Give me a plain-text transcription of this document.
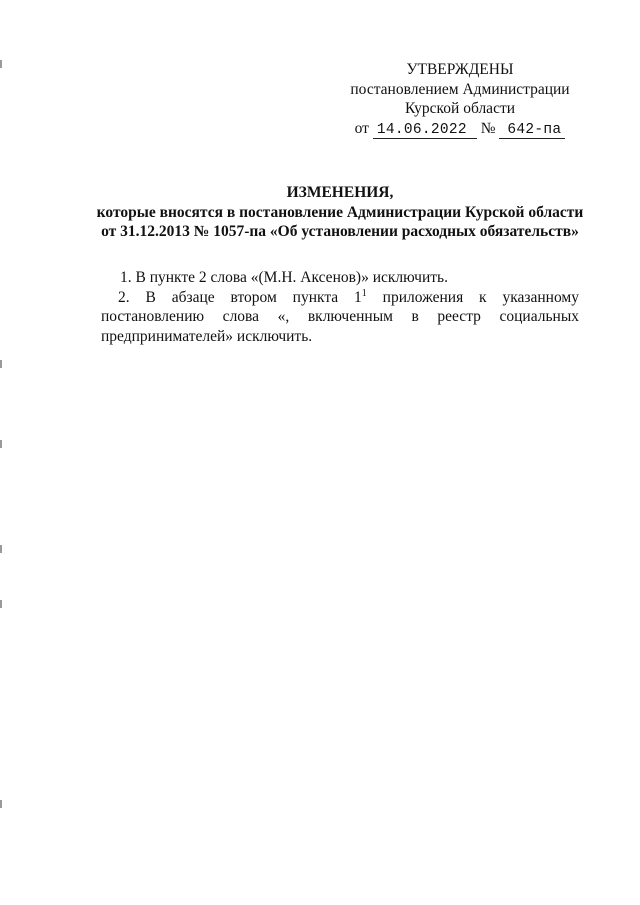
УТВЕРЖДЕНЫ
постановлением Администрации
Курской области
от 14.06.2022 № 642-па
ИЗМЕНЕНИЯ,
которые вносятся в постановление Администрации Курской области
от 31.12.2013 № 1057-па «Об установлении расходных обязательств»
1. В пункте 2 слова «(М.Н. Аксенов)» исключить.
2. В абзаце втором пункта $1^1$ приложения к указанному постановлению слова «, включенным в реестр социальных предпринимателей» исключить.
